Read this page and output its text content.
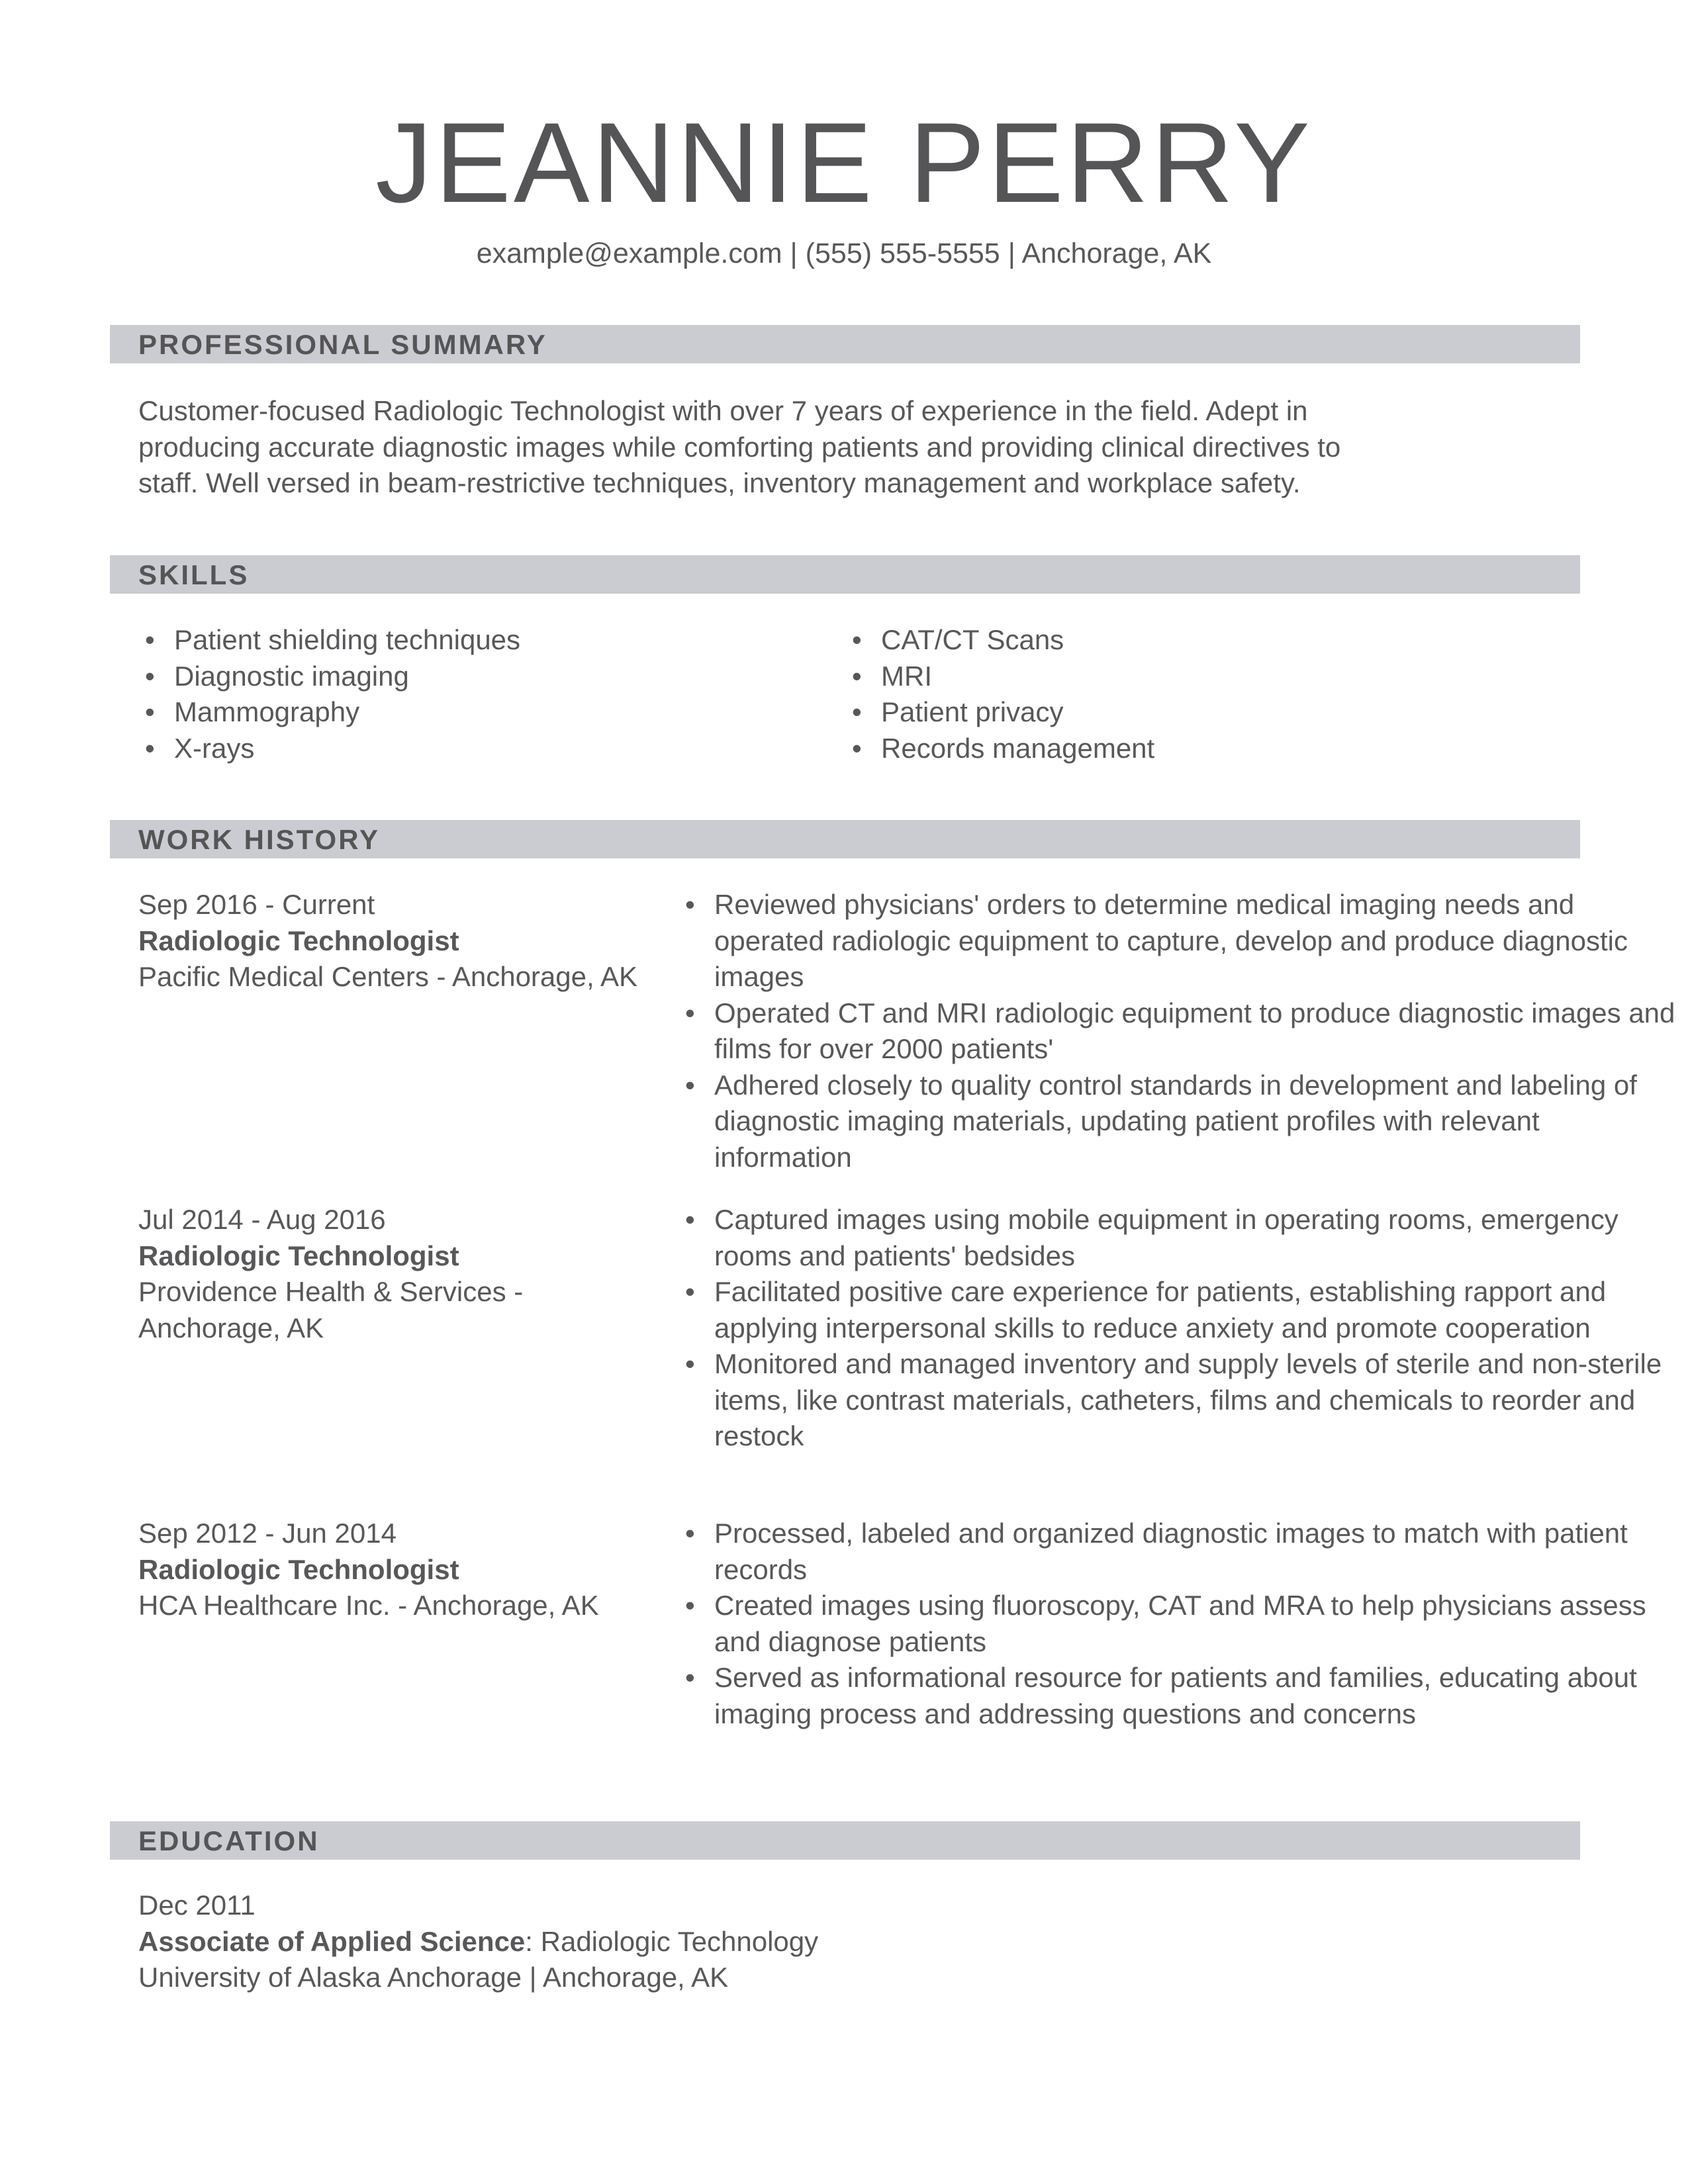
JEANNIE PERRY
example@example.com | (555) 555-5555 | Anchorage, AK
PROFESSIONAL SUMMARY
Customer-focused Radiologic Technologist with over 7 years of experience in the field. Adept in
producing accurate diagnostic images while comforting patients and providing clinical directives to
staff. Well versed in beam-restrictive techniques, inventory management and workplace safety.
SKILLS
• Patient shielding techniques
• Diagnostic imaging
• Mammography
• X-rays
• CAT/CT Scans
• MRI
• Patient privacy
• Records management
WORK HISTORY
Sep 2016 - Current
Radiologic Technologist
Pacific Medical Centers - Anchorage, AK
• Reviewed physicians' orders to determine medical imaging needs and operated radiologic equipment to capture, develop and produce diagnostic images
• Operated CT and MRI radiologic equipment to produce diagnostic images and films for over 2000 patients'
• Adhered closely to quality control standards in development and labeling of diagnostic imaging materials, updating patient profiles with relevant information
Jul 2014 - Aug 2016
Radiologic Technologist
Providence Health & Services - Anchorage, AK
• Captured images using mobile equipment in operating rooms, emergency rooms and patients' bedsides
• Facilitated positive care experience for patients, establishing rapport and applying interpersonal skills to reduce anxiety and promote cooperation
• Monitored and managed inventory and supply levels of sterile and non-sterile items, like contrast materials, catheters, films and chemicals to reorder and restock
Sep 2012 - Jun 2014
Radiologic Technologist
HCA Healthcare Inc. - Anchorage, AK
• Processed, labeled and organized diagnostic images to match with patient records
• Created images using fluoroscopy, CAT and MRA to help physicians assess and diagnose patients
• Served as informational resource for patients and families, educating about imaging process and addressing questions and concerns
EDUCATION
Dec 2011
Associate of Applied Science: Radiologic Technology
University of Alaska Anchorage | Anchorage, AK
